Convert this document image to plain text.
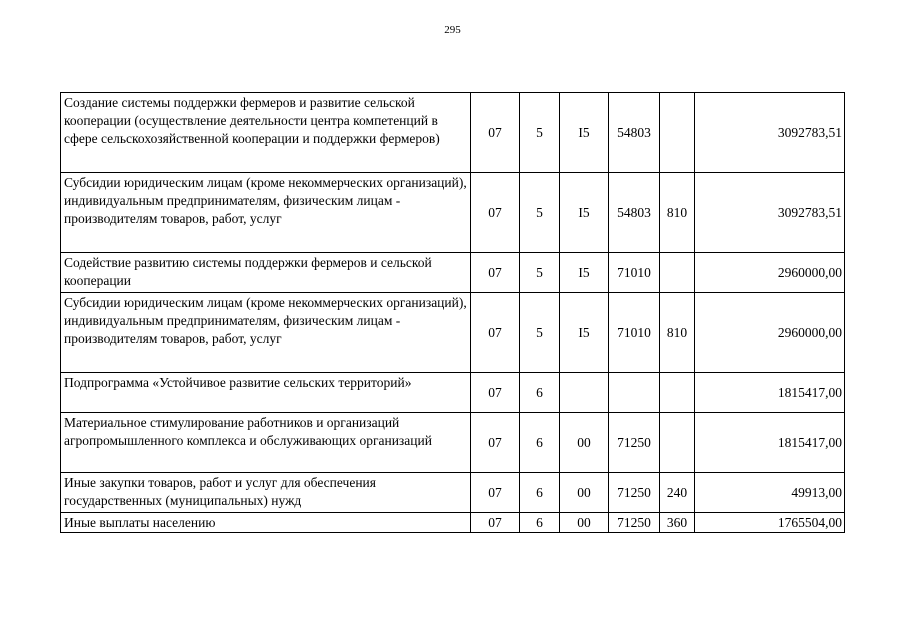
295
Создание системы поддержки фермеров и развитие сельской кооперации (осуществление деятельности центра компетенций в сфере сельскохозяйственной кооперации и поддержки фермеров)	07	5	I5	54803		3092783,51
Субсидии юридическим лицам (кроме некоммерческих организаций), индивидуальным предпринимателям, физическим лицам - производителям товаров, работ, услуг	07	5	I5	54803	810	3092783,51
Содействие развитию системы поддержки фермеров и сельской кооперации	07	5	I5	71010		2960000,00
Субсидии юридическим лицам (кроме некоммерческих организаций), индивидуальным предпринимателям, физическим лицам - производителям товаров, работ, услуг	07	5	I5	71010	810	2960000,00
Подпрограмма «Устойчивое развитие сельских территорий»	07	6				1815417,00
Материальное стимулирование работников и организаций агропромышленного комплекса и обслуживающих организаций	07	6	00	71250		1815417,00
Иные закупки товаров, работ и услуг для обеспечения государственных (муниципальных) нужд	07	6	00	71250	240	49913,00
Иные выплаты населению	07	6	00	71250	360	1765504,00
